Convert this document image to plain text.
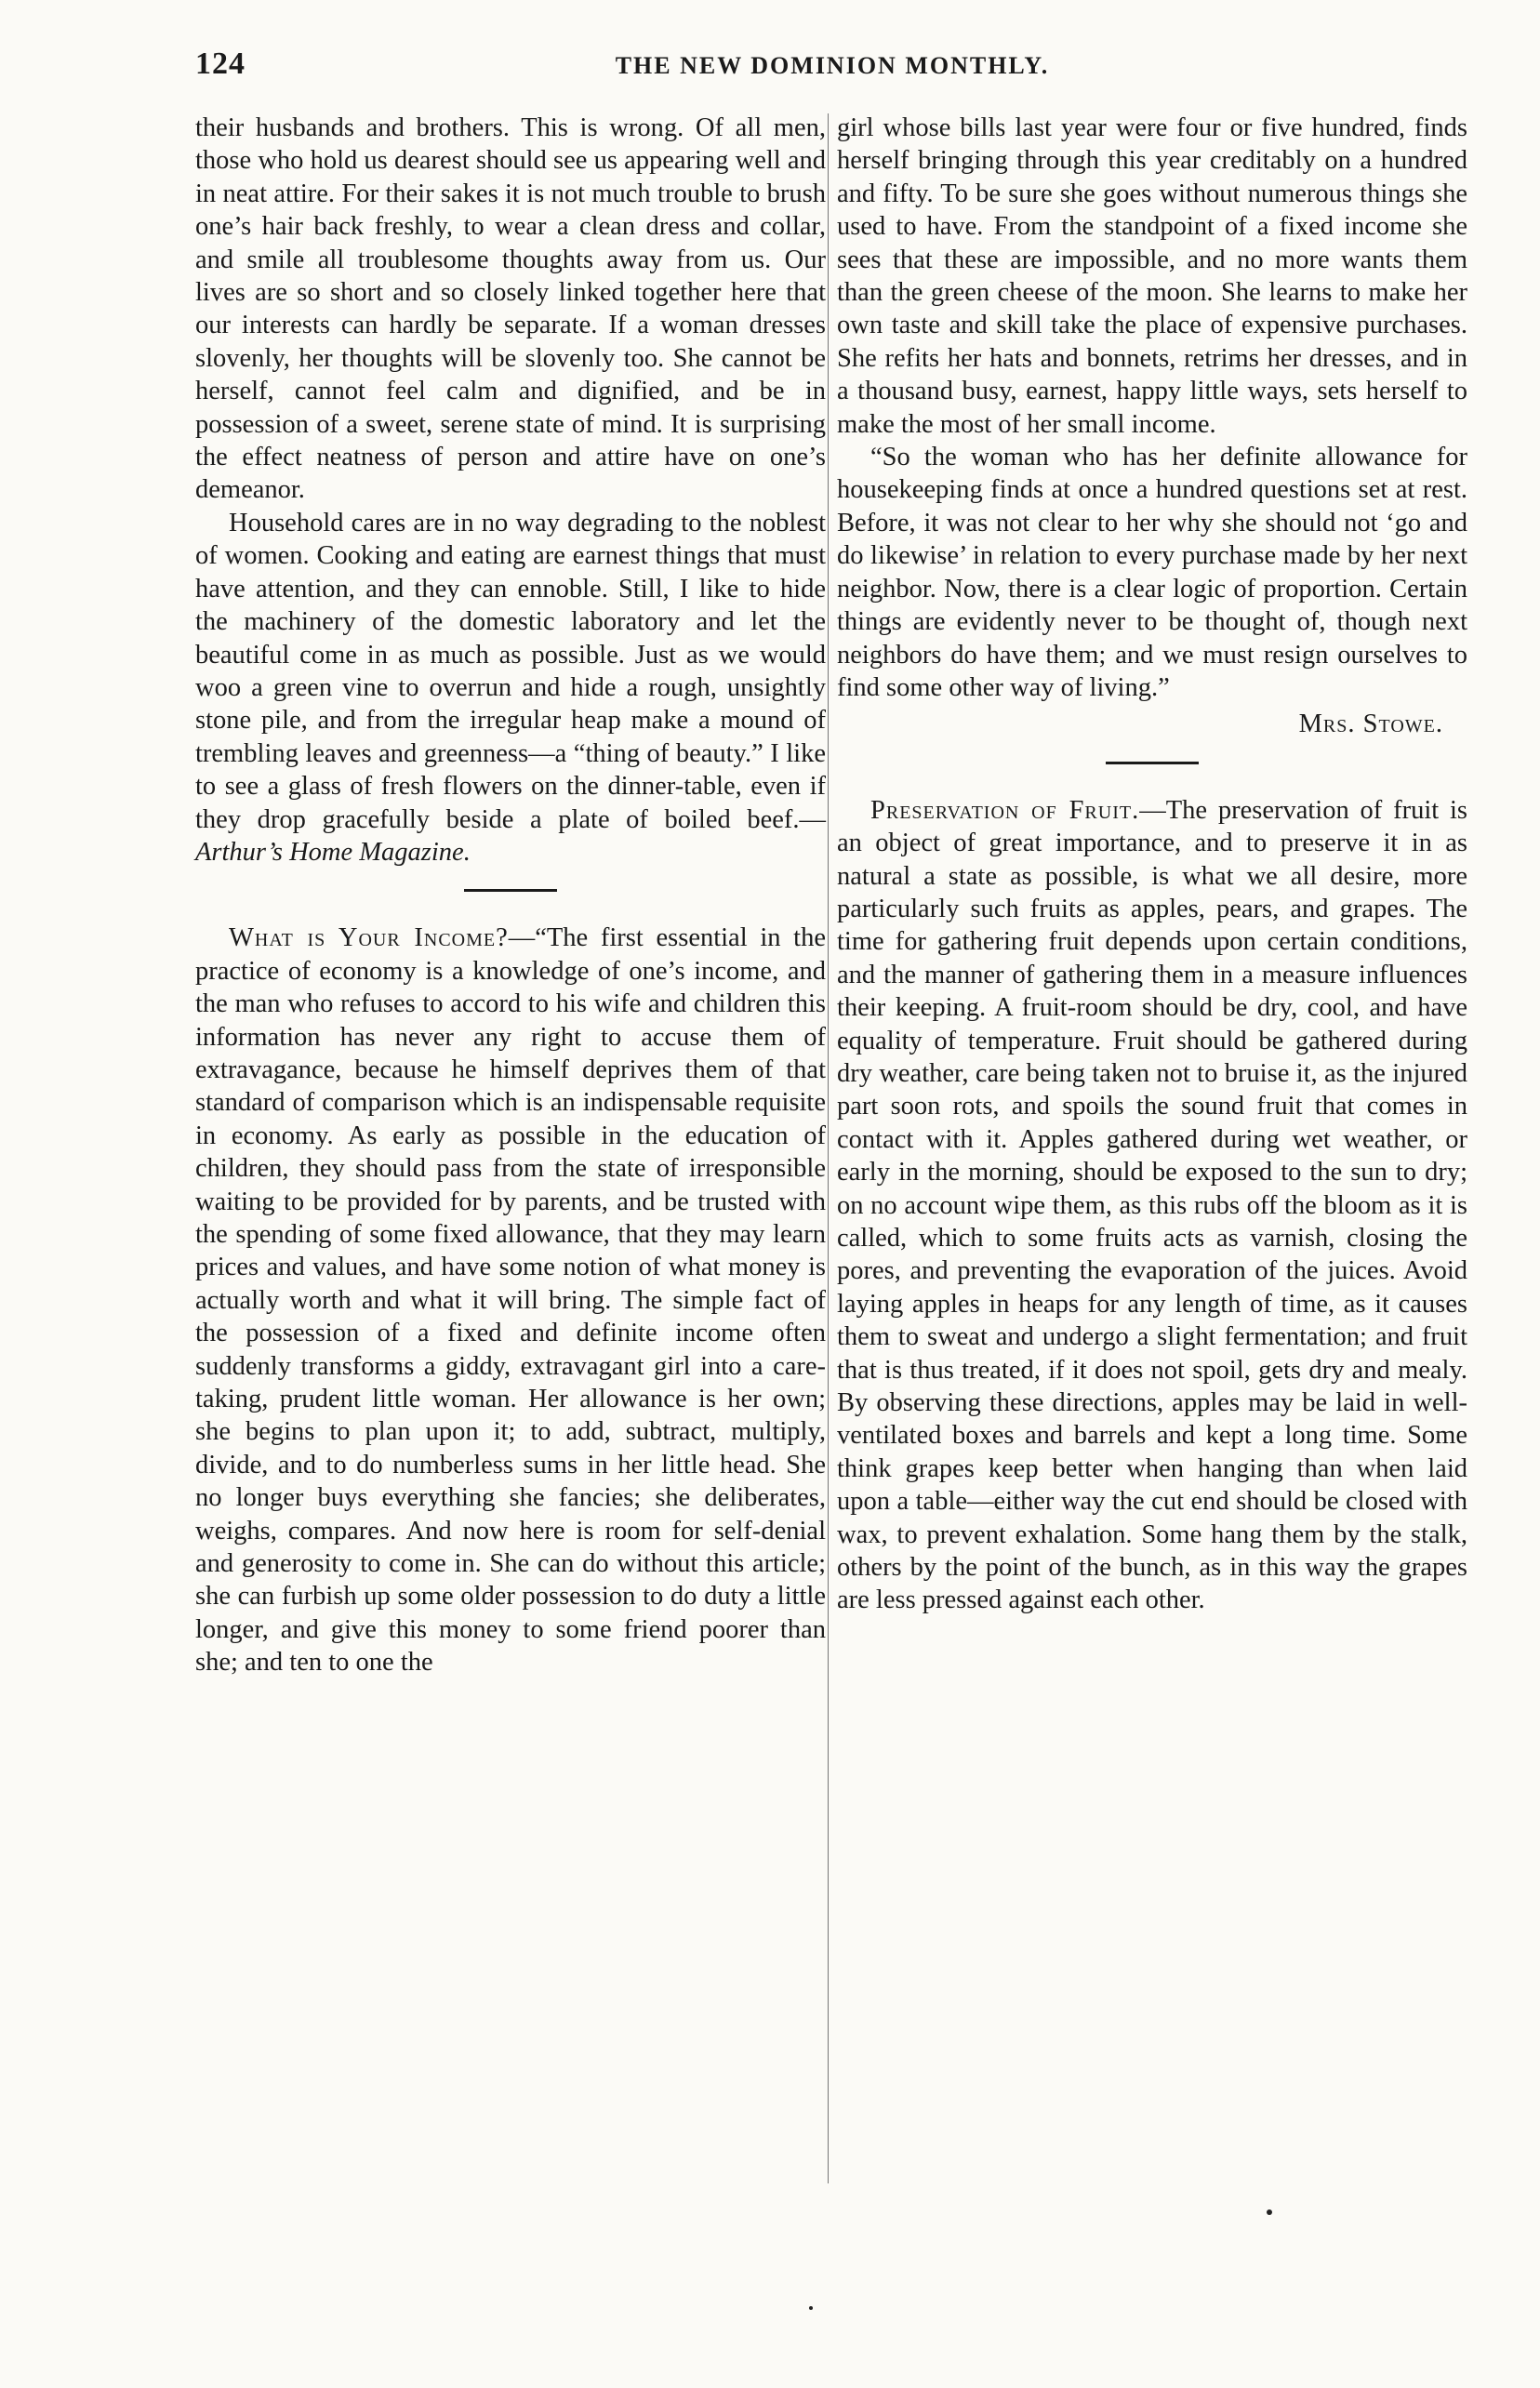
124	THE NEW DOMINION MONTHLY.

their husbands and brothers. This is wrong. Of all men, those who hold us dearest should see us appearing well and in neat attire. For their sakes it is not much trouble to brush one’s hair back freshly, to wear a clean dress and collar, and smile all troublesome thoughts away from us. Our lives are so short and so closely linked together here that our interests can hardly be separate. If a woman dresses slovenly, her thoughts will be slovenly too. She cannot be herself, cannot feel calm and dignified, and be in possession of a sweet, serene state of mind. It is surprising the effect neatness of person and attire have on one’s demeanor.

Household cares are in no way degrading to the noblest of women. Cooking and eating are earnest things that must have attention, and they can ennoble. Still, I like to hide the machinery of the domestic laboratory and let the beautiful come in as much as possible. Just as we would woo a green vine to overrun and hide a rough, unsightly stone pile, and from the irregular heap make a mound of trembling leaves and greenness—a “thing of beauty.” I like to see a glass of fresh flowers on the dinner-table, even if they drop gracefully beside a plate of boiled beef.—Arthur’s Home Magazine.

What is Your Income?—“The first essential in the practice of economy is a knowledge of one’s income, and the man who refuses to accord to his wife and children this information has never any right to accuse them of extravagance, because he himself deprives them of that standard of comparison which is an indispensable requisite in economy. As early as possible in the education of children, they should pass from the state of irresponsible waiting to be provided for by parents, and be trusted with the spending of some fixed allowance, that they may learn prices and values, and have some notion of what money is actually worth and what it will bring. The simple fact of the possession of a fixed and definite income often suddenly transforms a giddy, extravagant girl into a care-taking, prudent little woman. Her allowance is her own; she begins to plan upon it; to add, subtract, multiply, divide, and to do numberless sums in her little head. She no longer buys everything she fancies; she deliberates, weighs, compares. And now here is room for self-denial and generosity to come in. She can do without this article; she can furbish up some older possession to do duty a little longer, and give this money to some friend poorer than she; and ten to one the

girl whose bills last year were four or five hundred, finds herself bringing through this year creditably on a hundred and fifty. To be sure she goes without numerous things she used to have. From the standpoint of a fixed income she sees that these are impossible, and no more wants them than the green cheese of the moon. She learns to make her own taste and skill take the place of expensive purchases. She refits her hats and bonnets, retrims her dresses, and in a thousand busy, earnest, happy little ways, sets herself to make the most of her small income.

“So the woman who has her definite allowance for housekeeping finds at once a hundred questions set at rest. Before, it was not clear to her why she should not ‘go and do likewise’ in relation to every purchase made by her next neighbor. Now, there is a clear logic of proportion. Certain things are evidently never to be thought of, though next neighbors do have them; and we must resign ourselves to find some other way of living.”

Mrs. Stowe.

Preservation of Fruit.—The preservation of fruit is an object of great importance, and to preserve it in as natural a state as possible, is what we all desire, more particularly such fruits as apples, pears, and grapes. The time for gathering fruit depends upon certain conditions, and the manner of gathering them in a measure influences their keeping. A fruit-room should be dry, cool, and have equality of temperature. Fruit should be gathered during dry weather, care being taken not to bruise it, as the injured part soon rots, and spoils the sound fruit that comes in contact with it. Apples gathered during wet weather, or early in the morning, should be exposed to the sun to dry; on no account wipe them, as this rubs off the bloom as it is called, which to some fruits acts as varnish, closing the pores, and preventing the evaporation of the juices. Avoid laying apples in heaps for any length of time, as it causes them to sweat and undergo a slight fermentation; and fruit that is thus treated, if it does not spoil, gets dry and mealy. By observing these directions, apples may be laid in well-ventilated boxes and barrels and kept a long time. Some think grapes keep better when hanging than when laid upon a table—either way the cut end should be closed with wax, to prevent exhalation. Some hang them by the stalk, others by the point of the bunch, as in this way the grapes are less pressed against each other.
